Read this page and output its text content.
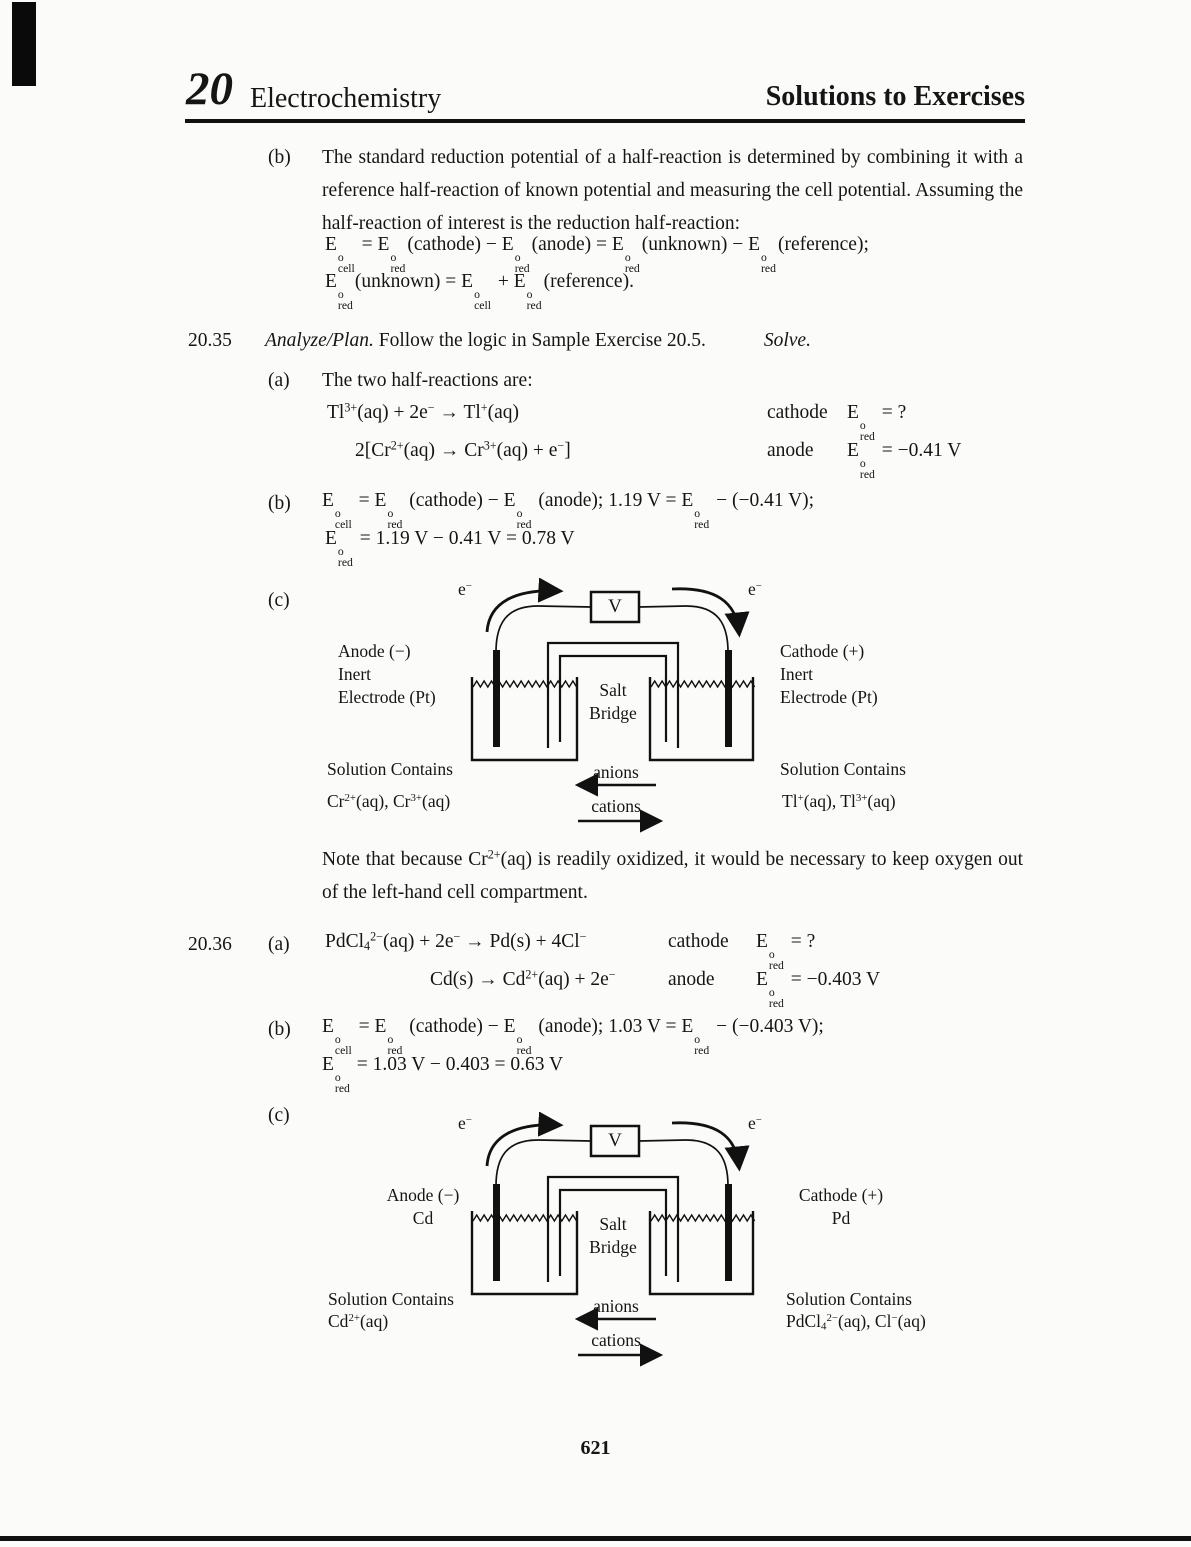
20 Electrochemistry	Solutions to Exercises
(b) The standard reduction potential of a half-reaction is determined by combining it with a reference half-reaction of known potential and measuring the cell potential. Assuming the half-reaction of interest is the reduction half-reaction:
E
o
cell
= E
o
red
(cathode) − E
o
red
(anode) = E
o
red
(unknown) − E
o
red
(reference);
E
o
red
(unknown) = E
o
cell
+ E
o
red
(reference).
20.35 Analyze/Plan. Follow the logic in Sample Exercise 20.5.	Solve.
(a) The two half-reactions are:
$Tl^{3+}(aq) + 2e^- \to Tl^+(aq)$	cathode E
o
red
= ?
$2[Cr^{2+}(aq) \to Cr^{3+}(aq) + e^-]$	anode E
o
red
= −0.41 V
(b) E
o
cell
= E
o
red
(cathode) − E
o
red
(anode); 1.19 V = E
o
red
− (−0.41 V);
E
o
red
= 1.19 V − 0.41 V = 0.78 V
(c)
e−	e−
V
Salt
Bridge
Anode (−)
Inert
Electrode (Pt)
Cathode (+)
Inert
Electrode (Pt)
Solution Contains
$Cr^{2+}(aq)$, $Cr^{3+}(aq)$
Solution Contains
Tl+(aq), $Tl^{3+}(aq)$
anions
cations
Note that because $Cr^{2+}(aq)$ is readily oxidized, it would be necessary to keep oxygen out of the left-hand cell compartment.
20.36 (a) PdCl$_4^{2-}$(aq) + 2e− → Pd(s) + 4Cl−	cathode E
o
red
= ?
$Cd(s) \to Cd^{2+}(aq) + 2e^-$	anode E
o
red
= −0.403 V
(b) E
o
cell
= E
o
red
(cathode) − E
o
red
(anode); 1.03 V = E
o
red
− (−0.403 V);
E
o
red
= 1.03 V − 0.403 = 0.63 V
(c)	e−	e−
V
Salt
Bridge
Anode (−)
Cd
Cathode (+)
Pd
Solution Contains
$Cd^{2+}(aq)$
Solution Contains
PdCl$_4^{2-}$(aq), Cl−(aq)
anions
cations
621
